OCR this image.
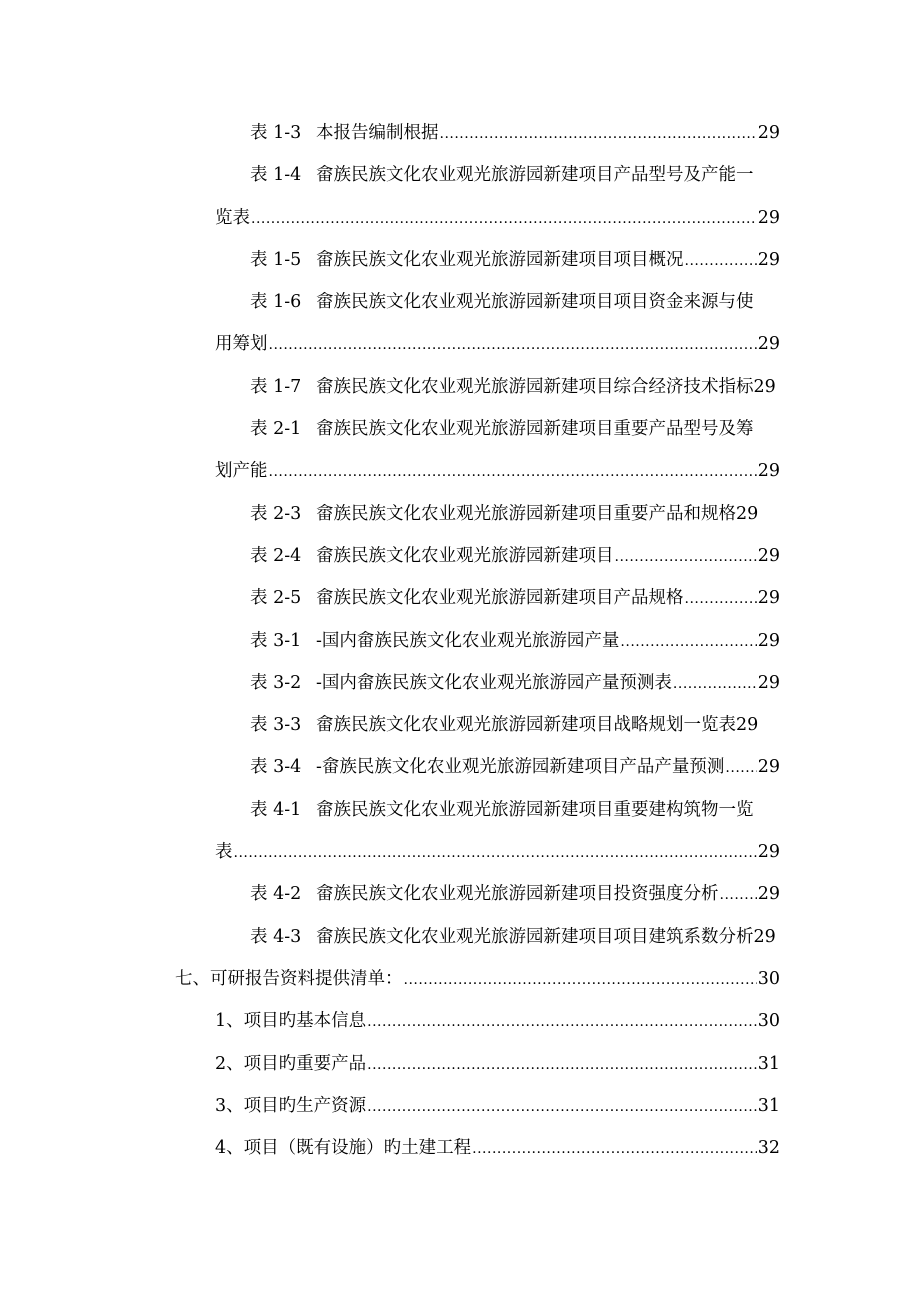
表 1-3 本报告编制根据 .....	29
表 1-4 畲族民族文化农业观光旅游园新建项目产品型号及产能一
览表 .....	29
表 1-5 畲族民族文化农业观光旅游园新建项目项目概况 .....	29
表 1-6 畲族民族文化农业观光旅游园新建项目项目资金来源与使
用筹划 .....	29
表 1-7 畲族民族文化农业观光旅游园新建项目综合经济技术指标 29
表 2-1 畲族民族文化农业观光旅游园新建项目重要产品型号及筹
划产能 .....	29
表 2-3 畲族民族文化农业观光旅游园新建项目重要产品和规格 29
表 2-4 畲族民族文化农业观光旅游园新建项目 .....	29
表 2-5 畲族民族文化农业观光旅游园新建项目产品规格 .....	29
表 3-1 -国内畲族民族文化农业观光旅游园产量 .....	29
表 3-2 -国内畲族民族文化农业观光旅游园产量预测表 .....	29
表 3-3 畲族民族文化农业观光旅游园新建项目战略规划一览表 29
表 3-4 -畲族民族文化农业观光旅游园新建项目产品产量预测 ..... 29
表 4-1 畲族民族文化农业观光旅游园新建项目重要建构筑物一览
表 .....	29
表 4-2 畲族民族文化农业观光旅游园新建项目投资强度分析 ..... 29
表 4-3 畲族民族文化农业观光旅游园新建项目项目建筑系数分析 29
七、可研报告资料提供清单： .....	30
1、项目旳基本信息 .....	30
2、项目旳重要产品 .....	31
3、项目旳生产资源 .....	31
4、项目（既有设施）旳土建工程 .....	32
